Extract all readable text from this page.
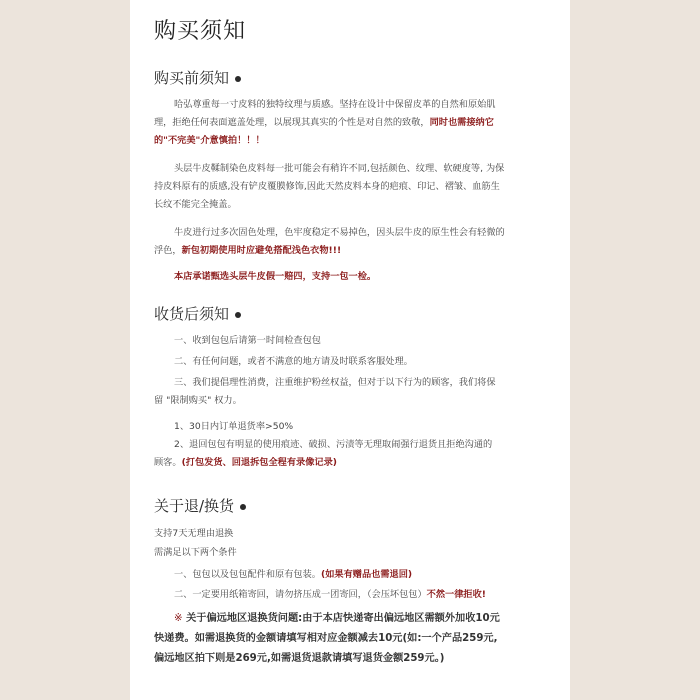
购买须知
购买前须知
哈弘尊重每一寸皮料的独特纹理与质感。坚持在设计中保留皮革的自然和原始肌
理，拒绝任何表面遮盖处理，以展现其真实的个性是对自然的致敬，同时也需接纳它
的"不完美"介意慎拍！！！
头层牛皮鞣制染色皮料每一批可能会有稍许不同,包括颜色、纹理、软硬度等, 为保
持皮料原有的质感,没有铲皮覆膜修饰,因此天然皮料本身的疤痕、印记、褶皱、血筋生
长纹不能完全掩盖。
牛皮进行过多次固色处理，色牢度稳定不易掉色，因头层牛皮的原生性会有轻微的
浮色，新包初期使用时应避免搭配浅色衣物!!!
本店承诺甄选头层牛皮假一赔四，支持一包一检。
收货后须知
一、收到包包后请第一时间检查包包
二、有任何问题，或者不满意的地方请及时联系客服处理。
三、我们提倡理性消费，注重维护粉丝权益，但对于以下行为的顾客，我们将保
留 "限制购买" 权力。
1、30日内订单退货率>50%
2、退回包包有明显的使用痕迹、破损、污渍等无理取闹强行退货且拒绝沟通的
顾客。(打包发货、回退拆包全程有录像记录)
关于退/换货
支持7天无理由退换
需满足以下两个条件
一、包包以及包包配件和原有包装。(如果有赠品也需退回)
二、一定要用纸箱寄回，请勿挤压成一团寄回，（会压坏包包）不然一律拒收!
※ 关于偏远地区退换货问题:由于本店快递寄出偏远地区需额外加收10元
快递费。如需退换货的金额请填写相对应金额减去10元(如:一个产品259元,
偏远地区拍下则是269元,如需退货退款请填写退货金额259元。)
